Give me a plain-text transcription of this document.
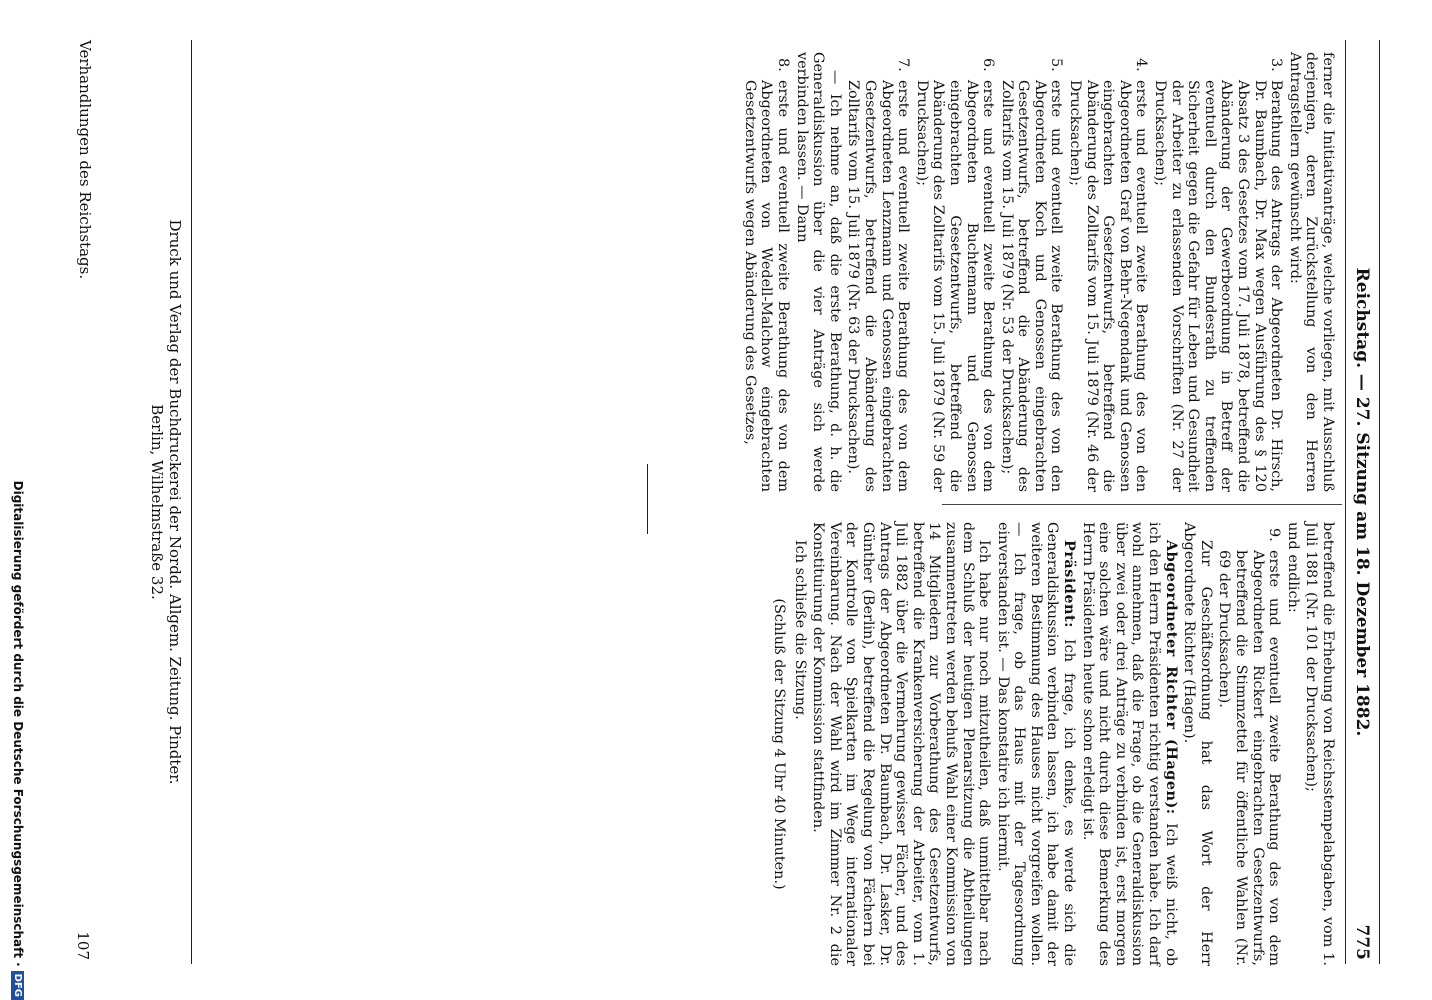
Reichstag. — 27. Sitzung am 18. Dezember 1882.
775

ferner die Initiativanträge, welche vorliegen, mit Ausschluß derjenigen, deren Zurückstellung von den Herren Antragstellern gewünscht wird:

3.
Berathung des Antrags der Abgeordneten Dr. Hirsch, Dr. Baumbach, Dr. Max wegen Ausführung des § 120 Absatz 3 des Gesetzes vom 17. Juli 1878, betreffend die Abänderung der Gewerbeordnung in Betreff der eventuell durch den Bundesrath zu treffenden Sicherheit gegen die Gefahr für Leben und Gesundheit der Arbeiter zu erlassenden Vorschriften (Nr. 27 der Drucksachen);
4.
erste und eventuell zweite Berathung des von den Abgeordneten Graf von Behr-Negendank und Genossen eingebrachten Gesetzentwurfs, betreffend die Abänderung des Zolltarifs vom 15. Juli 1879 (Nr. 46 der Drucksachen);
5.
erste und eventuell zweite Berathung des von den Abgeordneten Koch und Genossen eingebrachten Gesetzentwurfs, betreffend die Abänderung des Zolltarifs vom 15. Juli 1879 (Nr. 53 der Drucksachen);
6.
erste und eventuell zweite Berathung des von dem Abgeordneten Buchtemann und Genossen eingebrachten Gesetzentwurfs, betreffend die Abänderung des Zolltarifs vom 15. Juli 1879 (Nr. 59 der Drucksachen);
7.
erste und eventuell zweite Berathung des von dem Abgeordneten Lenzmann und Genossen eingebrachten Gesetzentwurfs, betreffend die Abänderung des Zolltarifs vom 15. Juli 1879 (Nr. 63 der Drucksachen).

— Ich nehme an, daß die erste Berathung, d. h. die Generaldiskussion über die vier Anträge sich werde verbinden lassen. — Dann

8.
erste und eventuell zweite Berathung des von dem Abgeordneten von Wedell-Malchow eingebrachten Gesetzentwurfs wegen Abänderung des Gesetzes,

betreffend die Erhebung von Reichsstempelabgaben, vom 1. Juli 1881 (Nr. 101 der Drucksachen);

und endlich:

9.
erste und eventuell zweite Berathung des von dem Abgeordneten Rickert eingebrachten Gesetzentwurfs, betreffend die Stimmzettel für öffentliche Wahlen (Nr. 69 der Drucksachen).

Zur Geschäftsordnung hat das Wort der Herr Abgeordnete Richter (Hagen).

Abgeordneter Richter (Hagen): Ich weiß nicht, ob ich den Herrn Präsidenten richtig verstanden habe. Ich darf wohl annehmen, daß die Frage, ob die Generaldiskussion über zwei oder drei Anträge zu verbinden ist, erst morgen eine solchen wäre und nicht durch diese Bemerkung des Herrn Präsidenten heute schon erledigt ist.

Präsident: Ich frage, ich denke, es werde sich die Generaldiskussion verbinden lassen, ich habe damit der weiteren Bestimmung des Hauses nicht vorgreifen wollen. — Ich frage, ob das Haus mit der Tagesordnung einverstanden ist. — Das konstatire ich hiermit.

Ich habe nur noch mitzutheilen, daß unmittelbar nach dem Schluß der heutigen Plenarsitzung die Abtheilungen zusammentreten werden behufs Wahl einer Kommission von 14 Mitgliedern zur Vorberathung des Gesetzentwurfs, betreffend die Krankenversicherung der Arbeiter, vom 1. Juli 1882 über die Vermehrung gewisser Fächer, und des Antrags der Abgeordneten Dr. Baumbach, Dr. Lasker, Dr. Günther (Berlin), betreffend die Regelung von Fächern bei der Kontrolle von Spielkarten im Wege internationaler Vereinbarung. Nach der Wahl wird im Zimmer Nr. 2 die Konstituirung der Kommission stattfinden.

Ich schließe die Sitzung.

(Schluß der Sitzung 4 Uhr 40 Minuten.)

Druck und Verlag der Buchdruckerei der Nordd. Allgem. Zeitung. Pindter.
Berlin, Wilhelmstraße 32.
Verhandlungen des Reichstags.
107
Digitalisierung gefördert durch die Deutsche Forschungsgemeinschaft
·
DFG
